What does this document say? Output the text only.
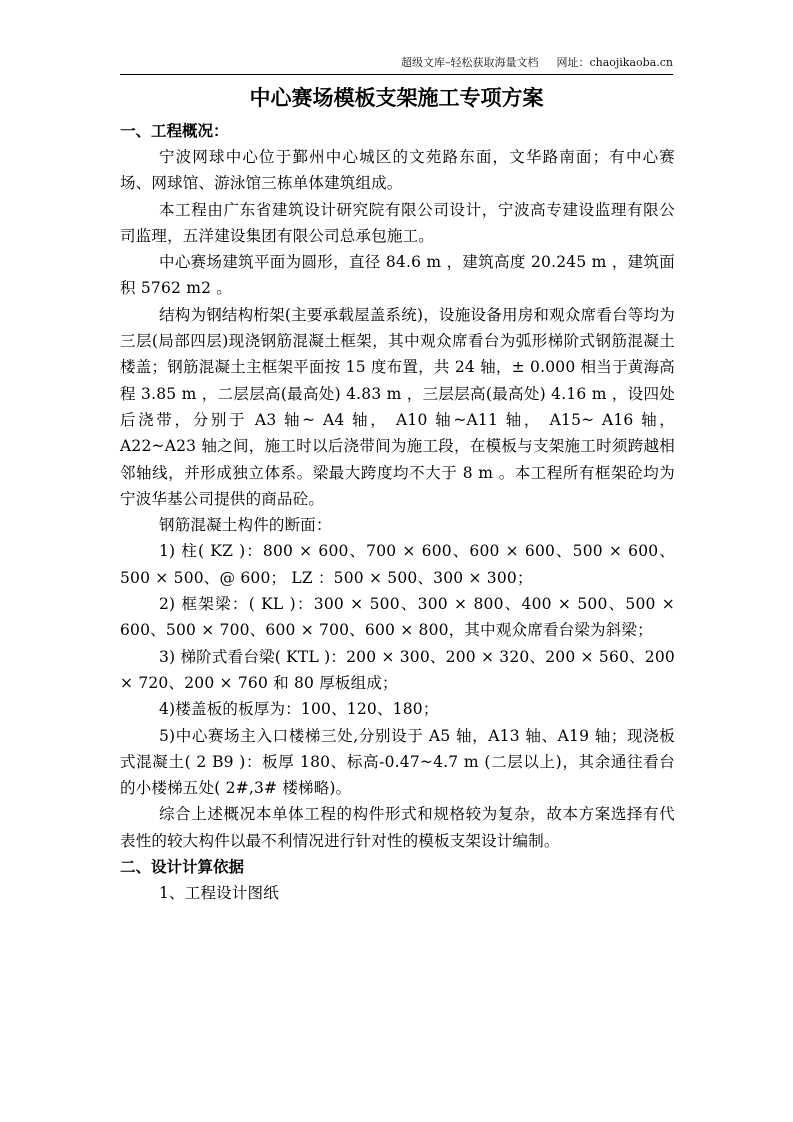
超级文库–轻松获取海量文档 网址：chaojikaoba.cn
中心赛场模板支架施工专项方案
一、工程概况：
宁波网球中心位于鄞州中心城区的文苑路东面，文华路南面；有中心赛场、网球馆、游泳馆三栋单体建筑组成。
本工程由广东省建筑设计研究院有限公司设计，宁波高专建设监理有限公司监理，五洋建设集团有限公司总承包施工。
中心赛场建筑平面为圆形，直径 84.6 m ，建筑高度 20.245 m ，建筑面积 5762 m2 。
结构为钢结构桁架(主要承载屋盖系统)，设施设备用房和观众席看台等均为三层(局部四层)现浇钢筋混凝土框架，其中观众席看台为弧形梯阶式钢筋混凝土楼盖；钢筋混凝土主框架平面按 15 度布置，共 24 轴，± 0.000 相当于黄海高程 3.85 m ，二层层高(最高处) 4.83 m ，三层层高(最高处) 4.16 m ，设四处后浇带，分别于 A3 轴~ A4 轴， A10 轴~A11 轴， A15~ A16 轴， A22~A23 轴之间，施工时以后浇带间为施工段，在模板与支架施工时须跨越相邻轴线，并形成独立体系。梁最大跨度均不大于 8 m 。本工程所有框架砼均为宁波华基公司提供的商品砼。
钢筋混凝土构件的断面：
1) 柱( KZ )：800 × 600、700 × 600、600 × 600、500 × 600、500 × 500、@ 600； LZ ：500 × 500、300 × 300；
2) 框架梁：( KL )：300 × 500、300 × 800、400 × 500、500 × 600、500 × 700、600 × 700、600 × 800，其中观众席看台梁为斜梁；
3) 梯阶式看台梁( KTL )：200 × 300、200 × 320、200 × 560、200 × 720、200 × 760 和 80 厚板组成；
4)楼盖板的板厚为：100、120、180；
5)中心赛场主入口楼梯三处,分别设于 A5 轴，A13 轴、A19 轴；现浇板式混凝土( 2 B9 )：板厚 180、标高-0.47~4.7 m (二层以上)，其余通往看台的小楼梯五处( 2#,3# 楼梯略)。
综合上述概况本单体工程的构件形式和规格较为复杂，故本方案选择有代表性的较大构件以最不利情况进行针对性的模板支架设计编制。
二、设计计算依据
1、工程设计图纸
